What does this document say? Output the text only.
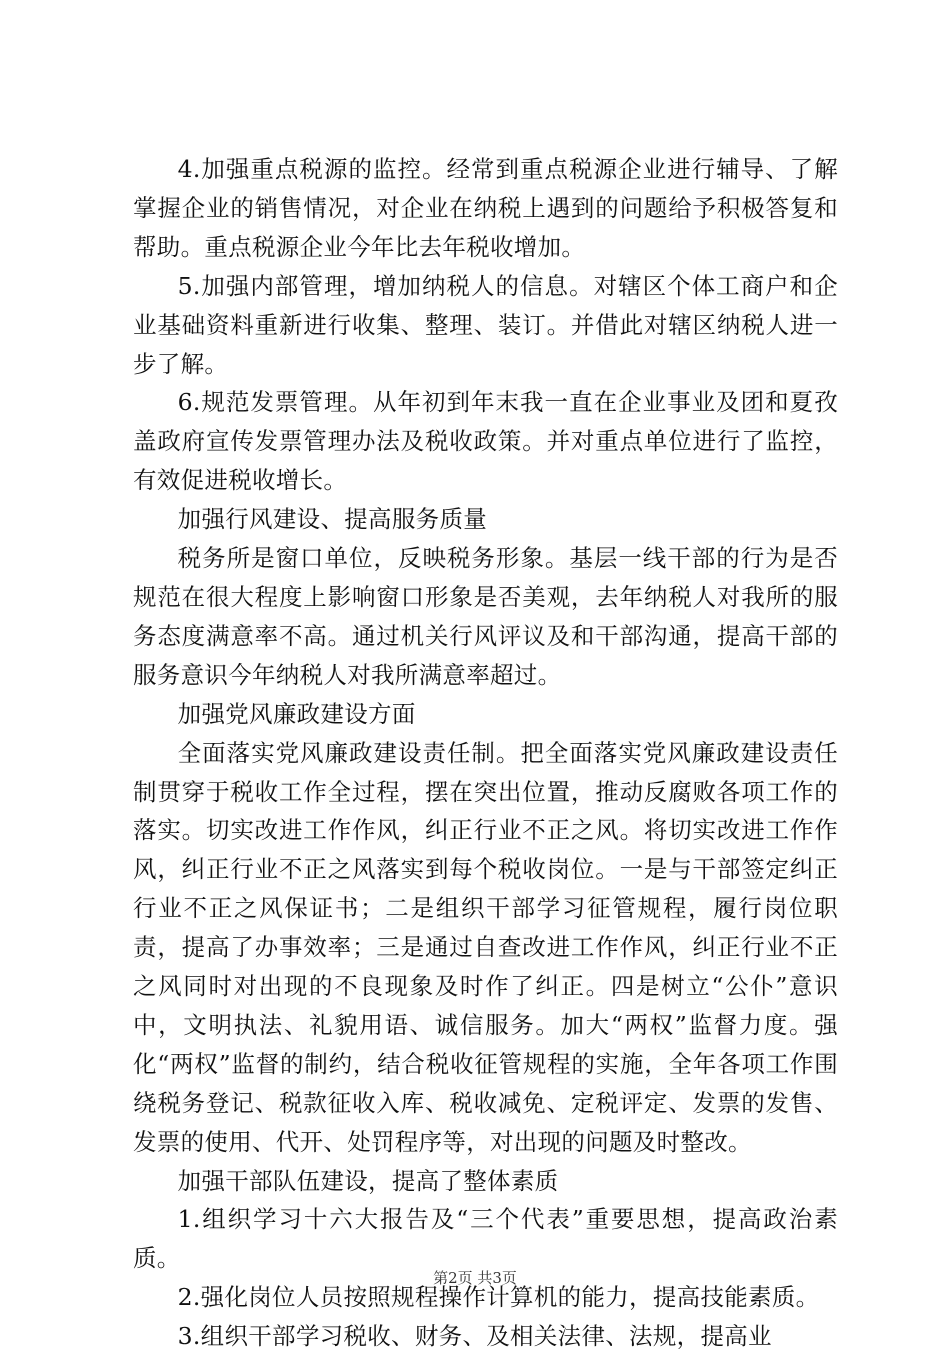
4.加强重点税源的监控。经常到重点税源企业进行辅导、了解掌握企业的销售情况，对企业在纳税上遇到的问题给予积极答复和帮助。重点税源企业今年比去年税收增加。

5.加强内部管理，增加纳税人的信息。对辖区个体工商户和企业基础资料重新进行收集、整理、装订。并借此对辖区纳税人进一步了解。

6.规范发票管理。从年初到年末我一直在企业事业及团和夏孜盖政府宣传发票管理办法及税收政策。并对重点单位进行了监控，有效促进税收增长。

加强行风建设、提高服务质量

税务所是窗口单位，反映税务形象。基层一线干部的行为是否规范在很大程度上影响窗口形象是否美观，去年纳税人对我所的服务态度满意率不高。通过机关行风评议及和干部沟通，提高干部的服务意识今年纳税人对我所满意率超过。

加强党风廉政建设方面

全面落实党风廉政建设责任制。把全面落实党风廉政建设责任制贯穿于税收工作全过程，摆在突出位置，推动反腐败各项工作的落实。切实改进工作作风，纠正行业不正之风。将切实改进工作作风，纠正行业不正之风落实到每个税收岗位。一是与干部签定纠正行业不正之风保证书；二是组织干部学习征管规程，履行岗位职责，提高了办事效率；三是通过自查改进工作作风，纠正行业不正之风同时对出现的不良现象及时作了纠正。四是树立“公仆”意识中，文明执法、礼貌用语、诚信服务。加大“两权”监督力度。强化“两权”监督的制约，结合税收征管规程的实施，全年各项工作围绕税务登记、税款征收入库、税收减免、定税评定、发票的发售、发票的使用、代开、处罚程序等，对出现的问题及时整改。

加强干部队伍建设，提高了整体素质

1.组织学习十六大报告及“三个代表”重要思想，提高政治素质。

2.强化岗位人员按照规程操作计算机的能力，提高技能素质。

3.组织干部学习税收、财务、及相关法律、法规，提高业

第2页 共3页
